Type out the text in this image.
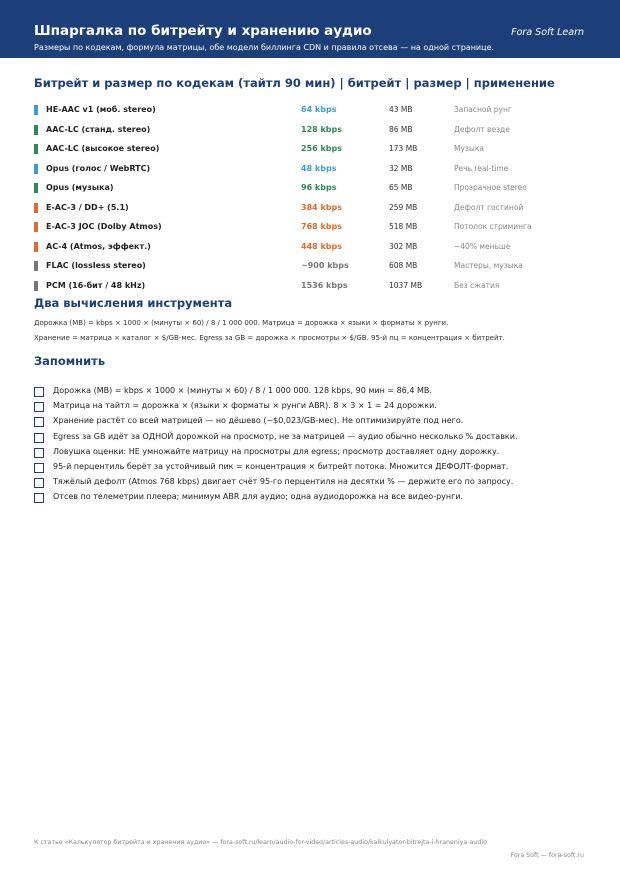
Шпаргалка по битрейту и хранению аудио	Fora Soft Learn
Размеры по кодекам, формула матрицы, обе модели биллинга CDN и правила отсева — на одной странице.
Битрейт и размер по кодекам (тайтл 90 мин) | битрейт | размер | применение
HE-AAC v1 (моб. stereo)	64 kbps	43 MB	Запасной рунг
AAC-LC (станд. stereo)	128 kbps	86 MB	Дефолт везде
AAC-LC (высокое stereo)	256 kbps	173 MB	Музыка
Opus (голос / WebRTC)	48 kbps	32 MB	Речь real-time
Opus (музыка)	96 kbps	65 MB	Прозрачное stereo
E-AC-3 / DD+ (5.1)	384 kbps	259 MB	Дефолт гостиной
E-AC-3 JOC (Dolby Atmos)	768 kbps	518 MB	Потолок стриминга
AC-4 (Atmos, эффект.)	448 kbps	302 MB	~40% меньше
FLAC (lossless stereo)	~900 kbps	608 MB	Мастеры, музыка
PCM (16-бит / 48 kHz)	1536 kbps	1037 MB	Без сжатия
Два вычисления инструмента
Дорожка (MB) = kbps × 1000 × (минуты × 60) / 8 / 1 000 000. Матрица = дорожка × языки × форматы × рунги.
Хранение = матрица × каталог × $/GB-мес. Egress за GB = дорожка × просмотры × $/GB. 95-й пц = концентрация × битрейт.
Запомнить
Дорожка (MB) = kbps × 1000 × (минуты × 60) / 8 / 1 000 000. 128 kbps, 90 мин = 86,4 MB.
Матрица на тайтл = дорожка × (языки × форматы × рунги ABR). 8 × 3 × 1 = 24 дорожки.
Хранение растёт со всей матрицей — но дёшево (~$0,023/GB-мес). Не оптимизируйте под него.
Egress за GB идёт за ОДНОЙ дорожкой на просмотр, не за матрицей — аудио обычно несколько % доставки.
Ловушка оценки: НЕ умножайте матрицу на просмотры для egress; просмотр доставляет одну дорожку.
95-й перцентиль берёт за устойчивый пик = концентрация × битрейт потока. Множится ДЕФОЛТ-формат.
Тяжёлый дефолт (Atmos 768 kbps) двигает счёт 95-го перцентиля на десятки % — держите его по запросу.
Отсев по телеметрии плеера; минимум ABR для аудио; одна аудиодорожка на все видео-рунги.
К статье «Калькулятор битрейта и хранения аудио» — fora-soft.ru/learn/audio-for-video/articles-audio/kalkulyator-bitrejta-i-hraneniya-audio
Fora Soft — fora-soft.ru
